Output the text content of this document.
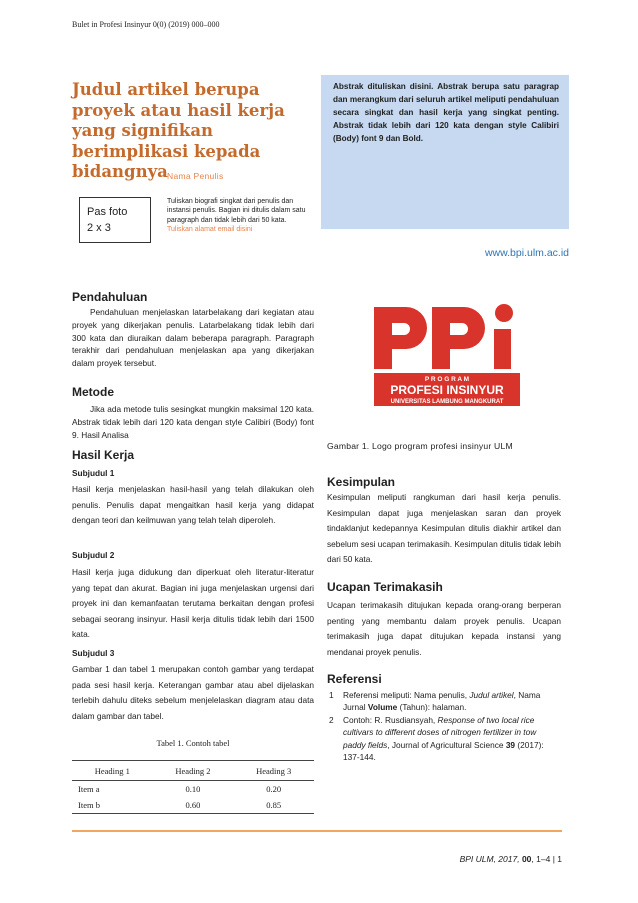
Bulet in Profesi Insinyur 0(0) (2019) 000–000
Judul artikel berupa proyek atau hasil kerja yang signifikan berimplikasi kepada bidangnya Nama Penulis
Pas foto
2 x 3
Tuliskan biografi singkat dari penulis dan instansi penulis. Bagian ini ditulis dalam satu paragraph dan tidak lebih dari 50 kata. Tuliskan alamat email disini
Abstrak dituliskan disini. Abstrak berupa satu paragrap dan merangkum dari seluruh artikel meliputi pendahuluan secara singkat dan hasil kerja yang singkat penting. Abstrak tidak lebih dari 120 kata dengan style Calibiri (Body) font 9 dan Bold.
www.bpi.ulm.ac.id
Pendahuluan
Pendahuluan menjelaskan latarbelakang dari kegiatan atau proyek yang dikerjakan penulis. Latarbelakang tidak lebih dari 300 kata dan diuraikan dalam beberapa paragraph. Paragraph terakhir dari pendahuluan menjelaskan apa yang dikerjakan dalam proyek tersebut.
Metode
Jika ada metode tulis sesingkat mungkin maksimal 120 kata. Abstrak tidak lebih dari 120 kata dengan style Calibiri (Body) font 9. Hasil Analisa
Hasil Kerja
Subjudul 1
Hasil kerja menjelaskan hasil-hasil yang telah dilakukan oleh penulis. Penulis dapat mengaitkan hasil kerja yang didapat dengan teori dan keilmuwan yang telah telah diperoleh.
Subjudul 2
Hasil kerja juga didukung dan diperkuat oleh literatur-literatur yang tepat dan akurat. Bagian ini juga menjelaskan urgensi dari proyek ini dan kemanfaatan terutama berkaitan dengan profesi sebagai seorang insinyur. Hasil kerja ditulis tidak lebih dari 1500 kata.
Subjudul 3
Gambar 1 dan tabel 1 merupakan contoh gambar yang terdapat pada sesi hasil kerja. Keterangan gambar atau abel dijelaskan terlebih dahulu diteks sebelum menjelelaskan diagram atau data dalam gambar dan tabel.
Tabel 1. Contoh tabel
Heading 1	Heading 2	Heading 3
Item a	0.10	0.20
Item b	0.60	0.85
P R O G R A M
PROFESI INSINYUR
UNIVERSITAS LAMBUNG MANGKURAT
Gambar 1. Logo program profesi insinyur ULM
Kesimpulan
Kesimpulan meliputi rangkuman dari hasil kerja penulis. Kesimpulan dapat juga menjelaskan saran dan proyek tindaklanjut kedepannya Kesimpulan ditulis diakhir artikel dan sebelum sesi ucapan terimakasih. Kesimpulan ditulis tidak lebih dari 50 kata.
Ucapan Terimakasih
Ucapan terimakasih ditujukan kepada orang-orang berperan penting yang membantu dalam proyek penulis. Ucapan terimakasih juga dapat ditujukan kepada instansi yang mendanai proyek penulis.
Referensi
1 Referensi meliputi: Nama penulis, Judul artikel, Nama Jurnal Volume (Tahun): halaman.
2 Contoh: R. Rusdiansyah, Response of two local rice cultivars to different doses of nitrogen fertilizer in tow paddy fields, Journal of Agricultural Science 39 (2017): 137-144.
BPI ULM, 2017, 00, 1–4 | 1
